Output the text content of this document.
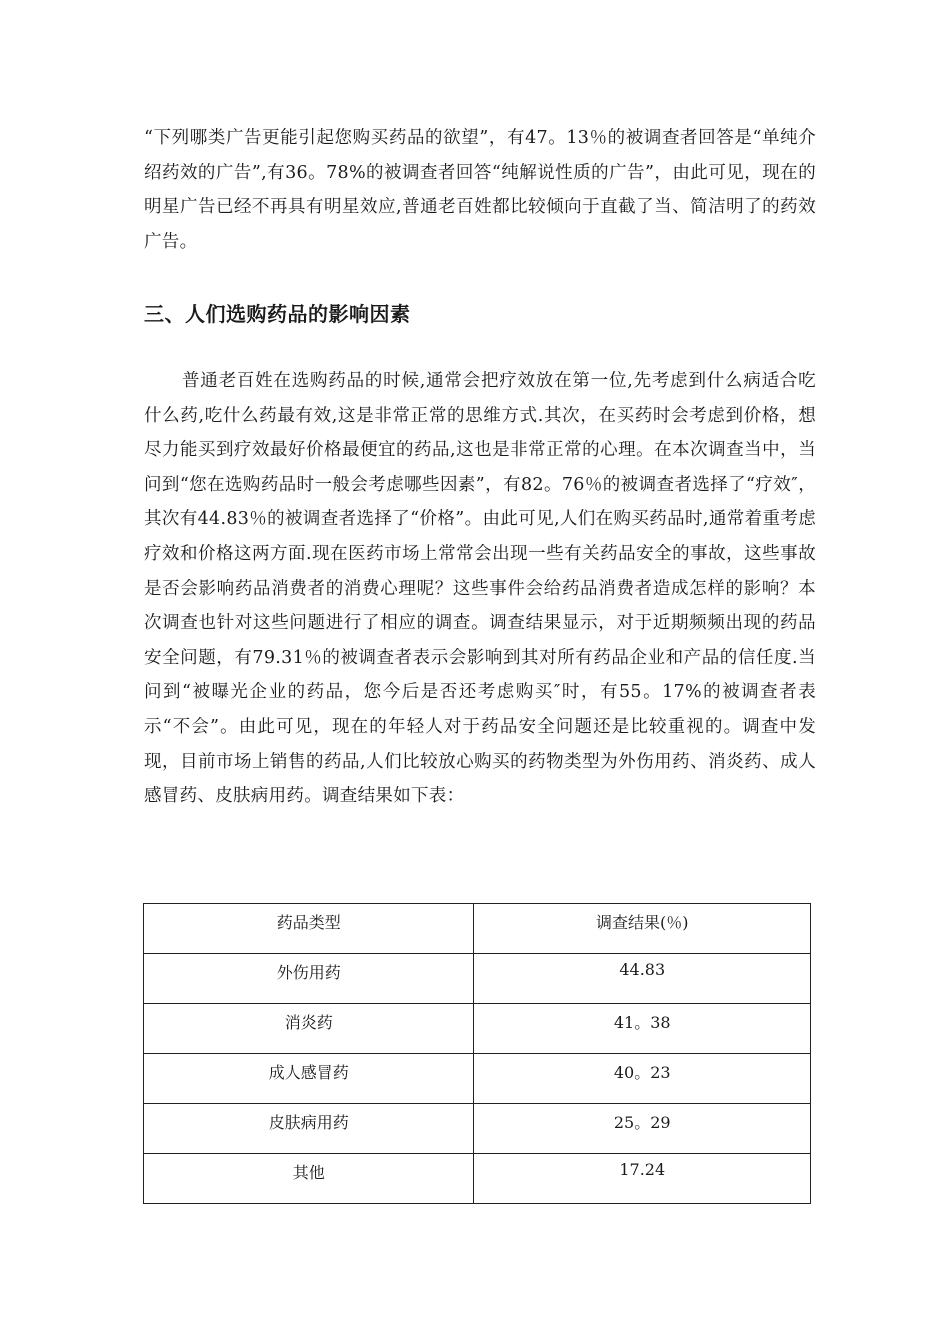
“下列哪类广告更能引起您购买药品的欲望”，有47。13％的被调查者回答是“单纯介绍药效的广告”,有36。78%的被调查者回答“纯解说性质的广告”，由此可见，现在的明星广告已经不再具有明星效应,普通老百姓都比较倾向于直截了当、简洁明了的药效广告。

三、人们选购药品的影响因素

普通老百姓在选购药品的时候,通常会把疗效放在第一位,先考虑到什么病适合吃什么药,吃什么药最有效,这是非常正常的思维方式.其次，在买药时会考虑到价格，想尽力能买到疗效最好价格最便宜的药品,这也是非常正常的心理。在本次调查当中，当问到“您在选购药品时一般会考虑哪些因素”，有82。76％的被调查者选择了“疗效″，其次有44.83％的被调查者选择了“价格”。由此可见,人们在购买药品时,通常着重考虑疗效和价格这两方面.现在医药市场上常常会出现一些有关药品安全的事故，这些事故是否会影响药品消费者的消费心理呢？这些事件会给药品消费者造成怎样的影响？本次调查也针对这些问题进行了相应的调查。调查结果显示，对于近期频频出现的药品安全问题，有79.31％的被调查者表示会影响到其对所有药品企业和产品的信任度.当问到“被曝光企业的药品，您今后是否还考虑购买″时，有55。17%的被调查者表示“不会”。由此可见，现在的年轻人对于药品安全问题还是比较重视的。调查中发现，目前市场上销售的药品,人们比较放心购买的药物类型为外伤用药、消炎药、成人感冒药、皮肤病用药。调查结果如下表：

药品类型	调查结果(％)
外伤用药	44.83
消炎药	41。38
成人感冒药	40。23
皮肤病用药	25。29
其他	17.24
